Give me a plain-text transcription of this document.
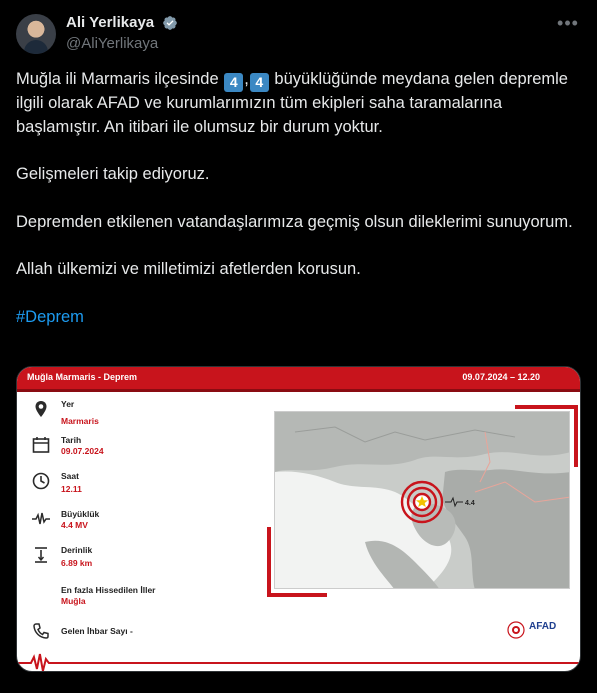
Ali Yerlikaya
@AliYerlikaya
•••
Muğla ili Marmaris ilçesinde 4 , 4 büyüklüğünde meydana gelen depremle ilgili olarak AFAD ve kurumlarımızın tüm ekipleri saha taramalarına başlamıştır. An itibari ile olumsuz bir durum yoktur.
Gelişmeleri takip ediyoruz.
Depremden etkilenen vatandaşlarımıza geçmiş olsun dileklerimi sunuyorum.
Allah ülkemizi ve milletimizi afetlerden korusun.
#Deprem
Muğla Marmaris - Deprem	09.07.2024 – 12.20
Yer
Marmaris
Tarih
09.07.2024
Saat
12.11
Büyüklük
4.4 MV
Derinlik
6.89 km
En fazla Hissedilen İller
Muğla
Gelen İhbar Sayı -
4.4
AFAD
